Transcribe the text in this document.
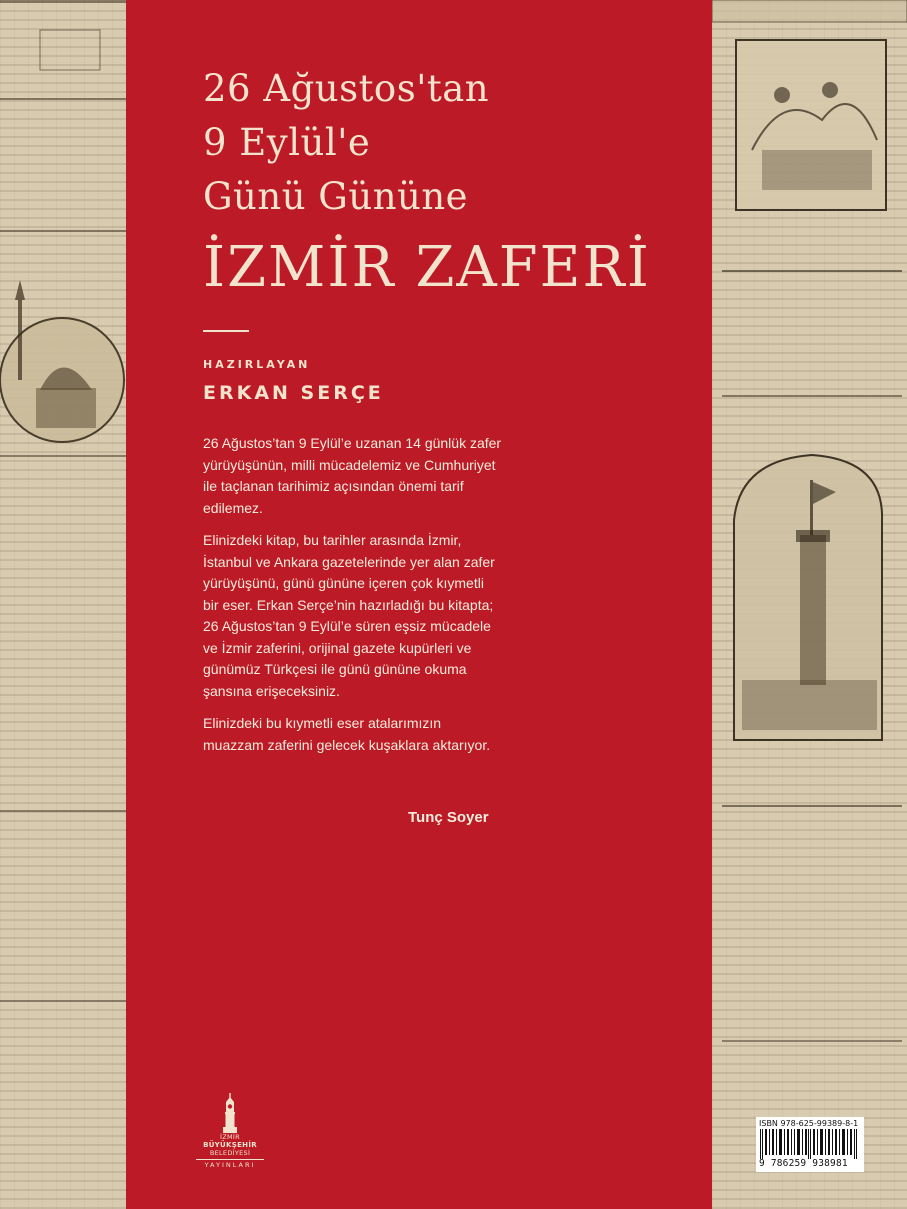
26 Ağustos'tan
9 Eylül'e
Günü Gününe
İZMİR ZAFERİ
HAZIRLAYAN
ERKAN SERÇE

26 Ağustos’tan 9 Eylül’e uzanan 14 günlük zafer yürüyüşünün, milli mücadelemiz ve Cumhuriyet ile taçlanan tarihimiz açısından önemi tarif edilemez.

Elinizdeki kitap, bu tarihler arasında İzmir, İstanbul ve Ankara gazetelerinde yer alan zafer yürüyüşünü, günü gününe içeren çok kıymetli bir eser. Erkan Serçe’nin hazırladığı bu kitapta; 26 Ağustos’tan 9 Eylül’e süren eşsiz mücadele ve İzmir zaferini, orijinal gazete kupürleri ve günümüz Türkçesi ile günü gününe okuma şansına erişeceksiniz.

Elinizdeki bu kıymetli eser atalarımızın muazzam zaferini gelecek kuşaklara aktarıyor.

Tunç Soyer
İZMİR
BÜYÜKŞEHİR
BELEDİYESİ
YAYINLARI
ISBN 978-625-99389-8-1
9 786259 938981
